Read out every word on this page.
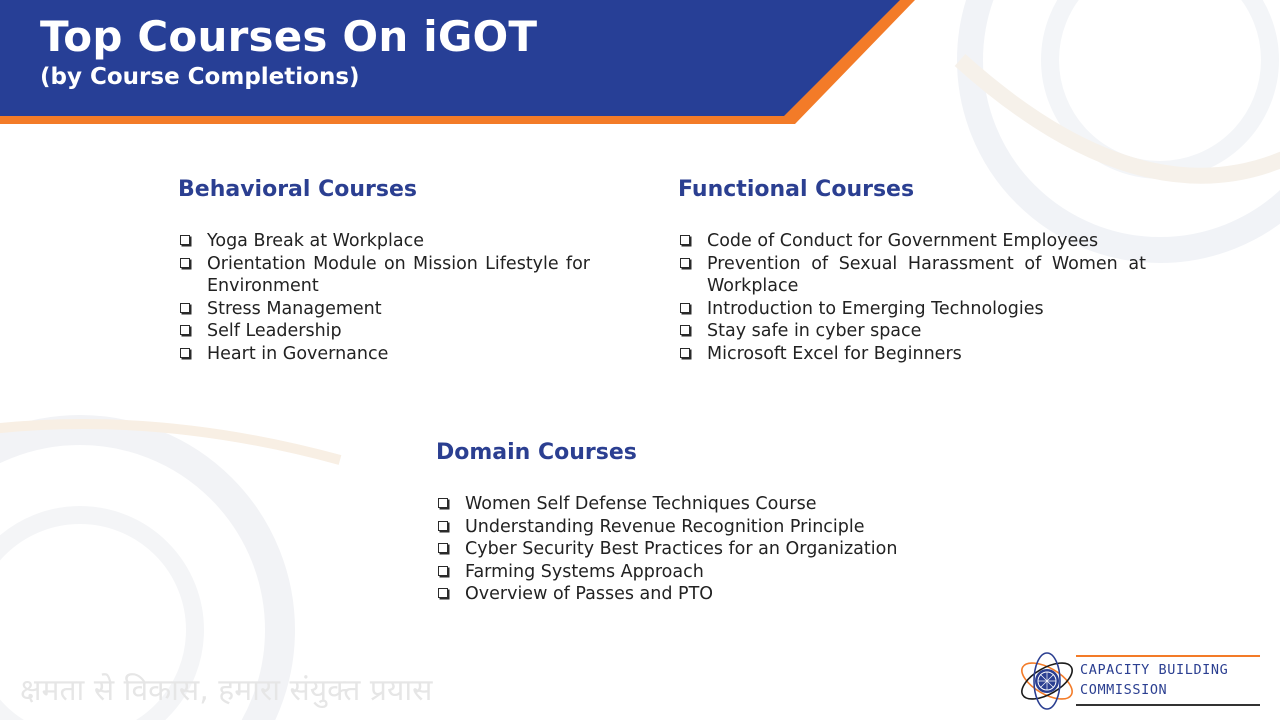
Top Courses On iGOT

(by Course Completions)

Behavioral Courses
Yoga Break at Workplace
Orientation Module on Mission Lifestyle for Environment
Stress Management
Self Leadership
Heart in Governance
Functional Courses
Code of Conduct for Government Employees
Prevention of Sexual Harassment of Women at Workplace
Introduction to Emerging Technologies
Stay safe in cyber space
Microsoft Excel for Beginners
Domain Courses
Women Self Defense Techniques Course
Understanding Revenue Recognition Principle
Cyber Security Best Practices for an Organization
Farming Systems Approach
Overview of Passes and PTO

क्षमता से विकास, हमारा संयुक्त प्रयास

CAPACITY BUILDING

COMMISSION
